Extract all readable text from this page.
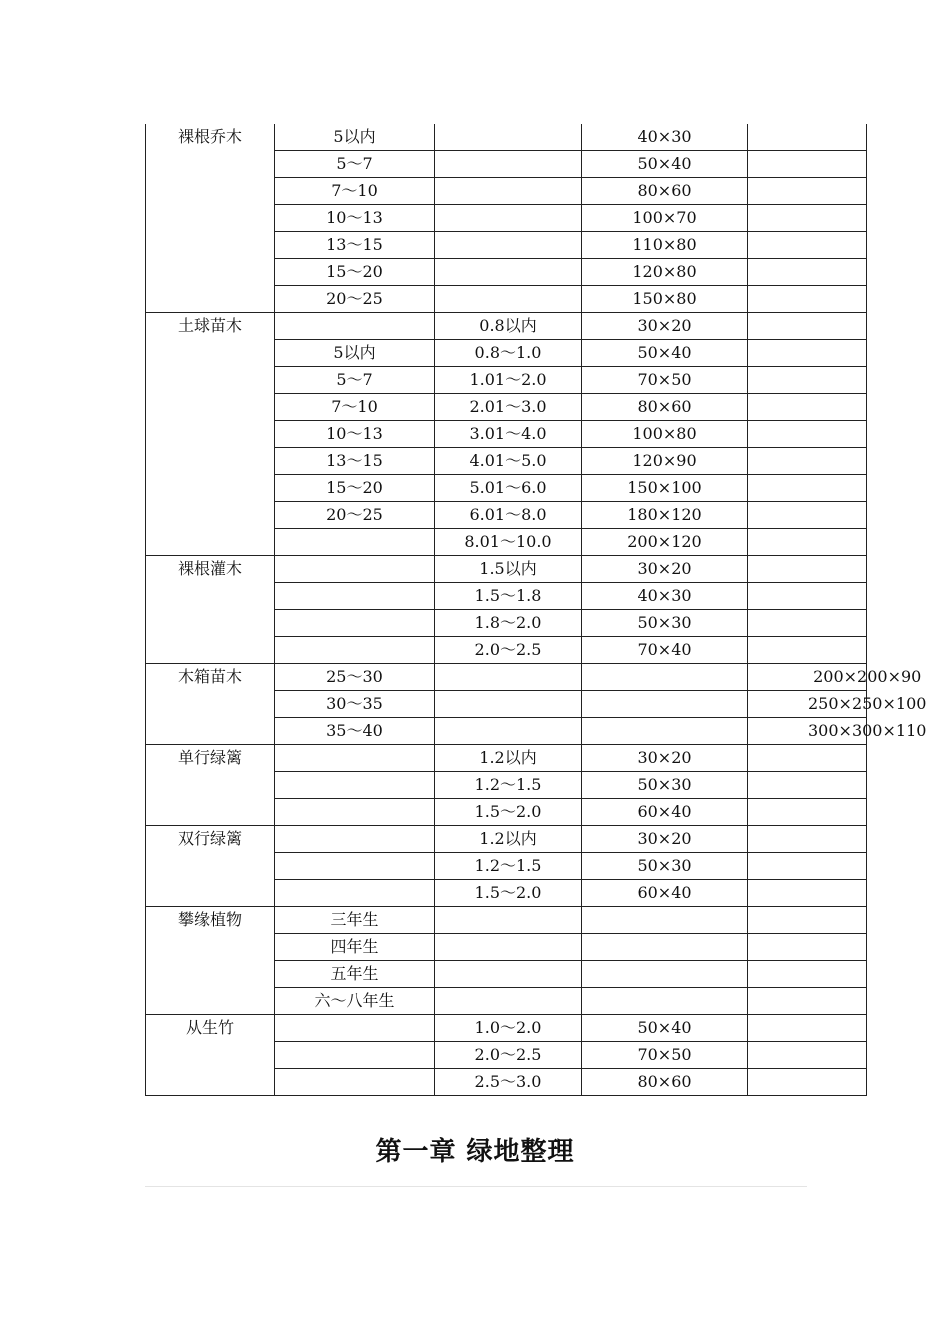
裸根乔木	5以内		40×30	
	5～7		50×40	
	7～10		80×60	
	10～13		100×70	
	13～15		110×80	
	15～20		120×80	
	20～25		150×80	
土球苗木		0.8以内	30×20	
	5以内	0.8～1.0	50×40	
	5～7	1.01～2.0	70×50	
	7～10	2.01～3.0	80×60	
	10～13	3.01～4.0	100×80	
	13～15	4.01～5.0	120×90	
	15～20	5.01～6.0	150×100	
	20～25	6.01～8.0	180×120	
		8.01～10.0	200×120	
裸根灌木		1.5以内	30×20	
		1.5～1.8	40×30	
		1.8～2.0	50×30	
		2.0～2.5	70×40	
木箱苗木	25～30			200×200×90
	30～35			250×250×100
	35～40			300×300×110
单行绿篱		1.2以内	30×20	
		1.2～1.5	50×30	
		1.5～2.0	60×40	
双行绿篱		1.2以内	30×20	
		1.2～1.5	50×30	
		1.5～2.0	60×40	
攀缘植物	三年生			
	四年生			
	五年生			
	六～八年生			
从生竹		1.0～2.0	50×40	
		2.0～2.5	70×50	
		2.5～3.0	80×60	
第一章 绿地整理
